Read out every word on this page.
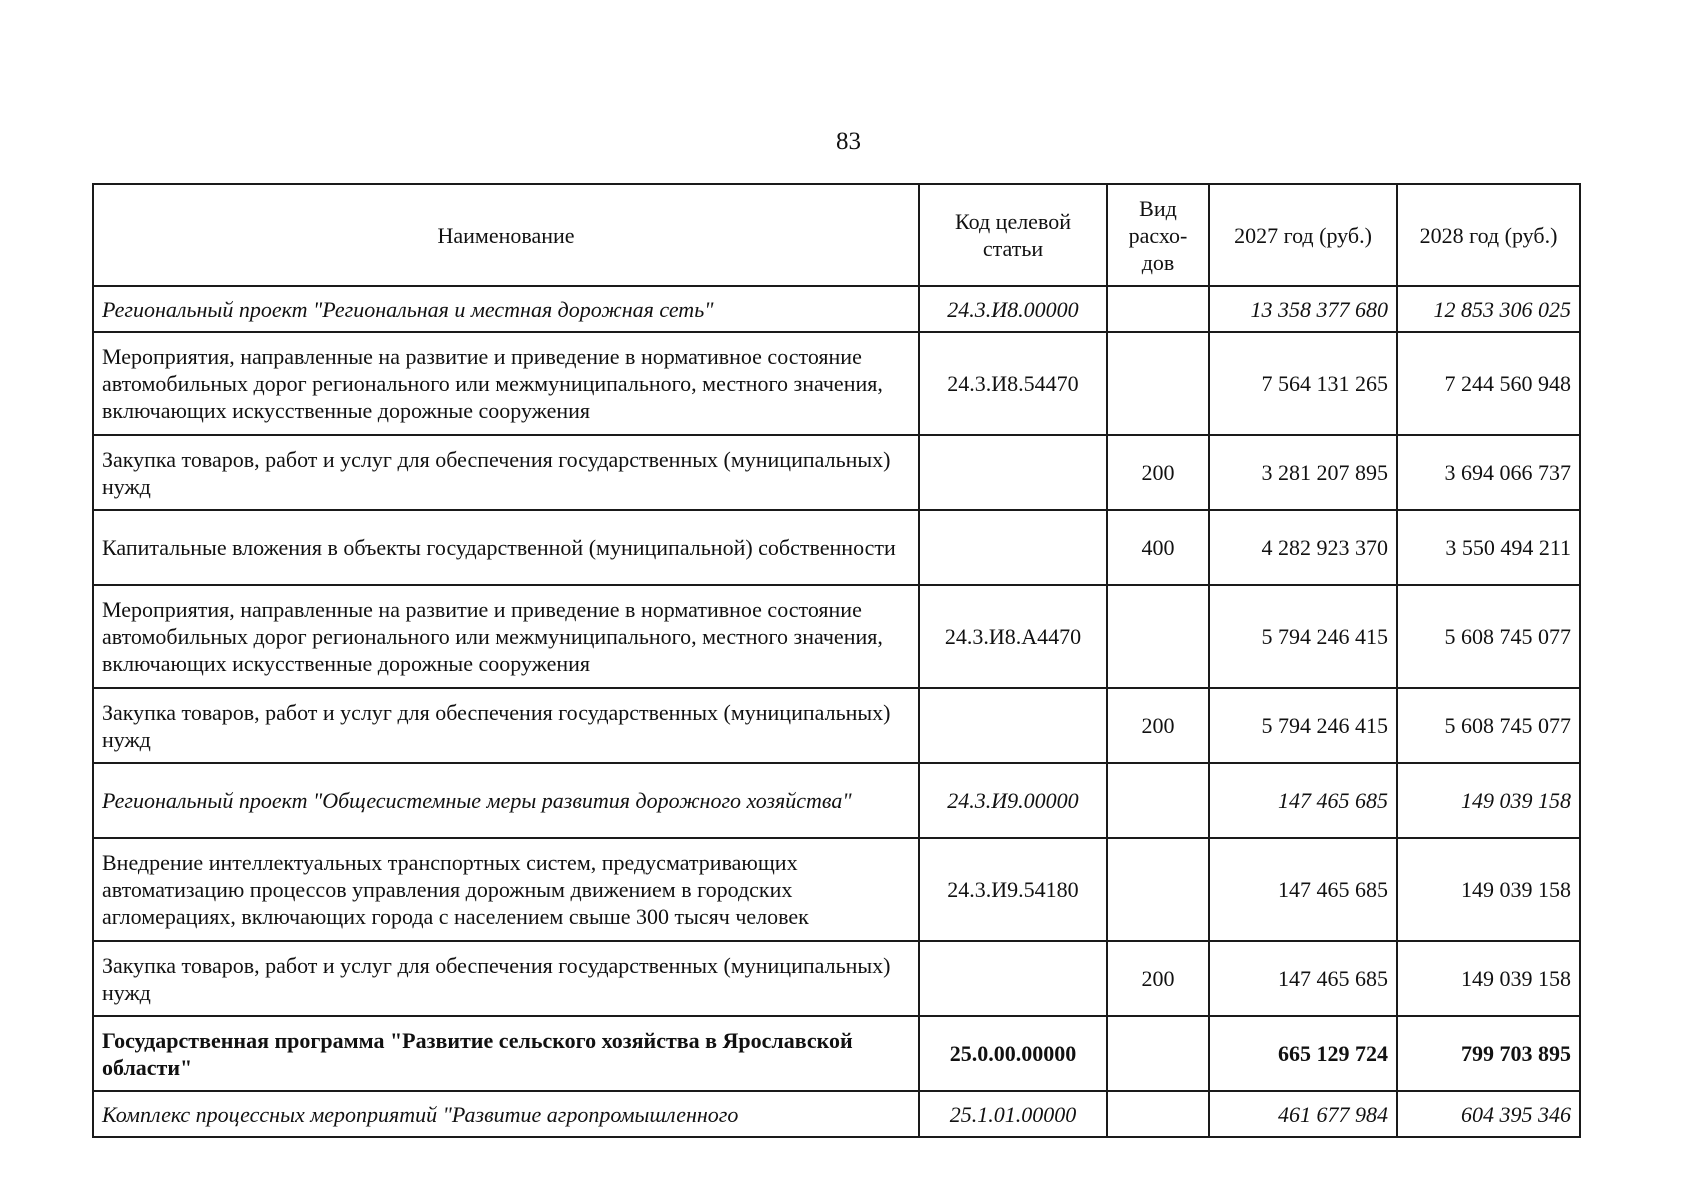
83
Наименование	Код целевой статьи	Вид расхо-дов	2027 год (руб.)	2028 год (руб.)
Региональный проект "Региональная и местная дорожная сеть"	24.3.И8.00000		13 358 377 680	12 853 306 025
Мероприятия, направленные на развитие и приведение в нормативное состояние автомобильных дорог регионального или межмуниципального, местного значения, включающих искусственные дорожные сооружения	24.3.И8.54470		7 564 131 265	7 244 560 948
Закупка товаров, работ и услуг для обеспечения государственных (муниципальных) нужд		200	3 281 207 895	3 694 066 737
Капитальные вложения в объекты государственной (муниципальной) собственности		400	4 282 923 370	3 550 494 211
Мероприятия, направленные на развитие и приведение в нормативное состояние автомобильных дорог регионального или межмуниципального, местного значения, включающих искусственные дорожные сооружения	24.3.И8.А4470		5 794 246 415	5 608 745 077
Закупка товаров, работ и услуг для обеспечения государственных (муниципальных) нужд		200	5 794 246 415	5 608 745 077
Региональный проект "Общесистемные меры развития дорожного хозяйства"	24.3.И9.00000		147 465 685	149 039 158
Внедрение интеллектуальных транспортных систем, предусматривающих автоматизацию процессов управления дорожным движением в городских агломерациях, включающих города с населением свыше 300 тысяч человек	24.3.И9.54180		147 465 685	149 039 158
Закупка товаров, работ и услуг для обеспечения государственных (муниципальных) нужд		200	147 465 685	149 039 158
Государственная программа "Развитие сельского хозяйства в Ярославской области"	25.0.00.00000		665 129 724	799 703 895
Комплекс процессных мероприятий "Развитие агропромышленного	25.1.01.00000		461 677 984	604 395 346
